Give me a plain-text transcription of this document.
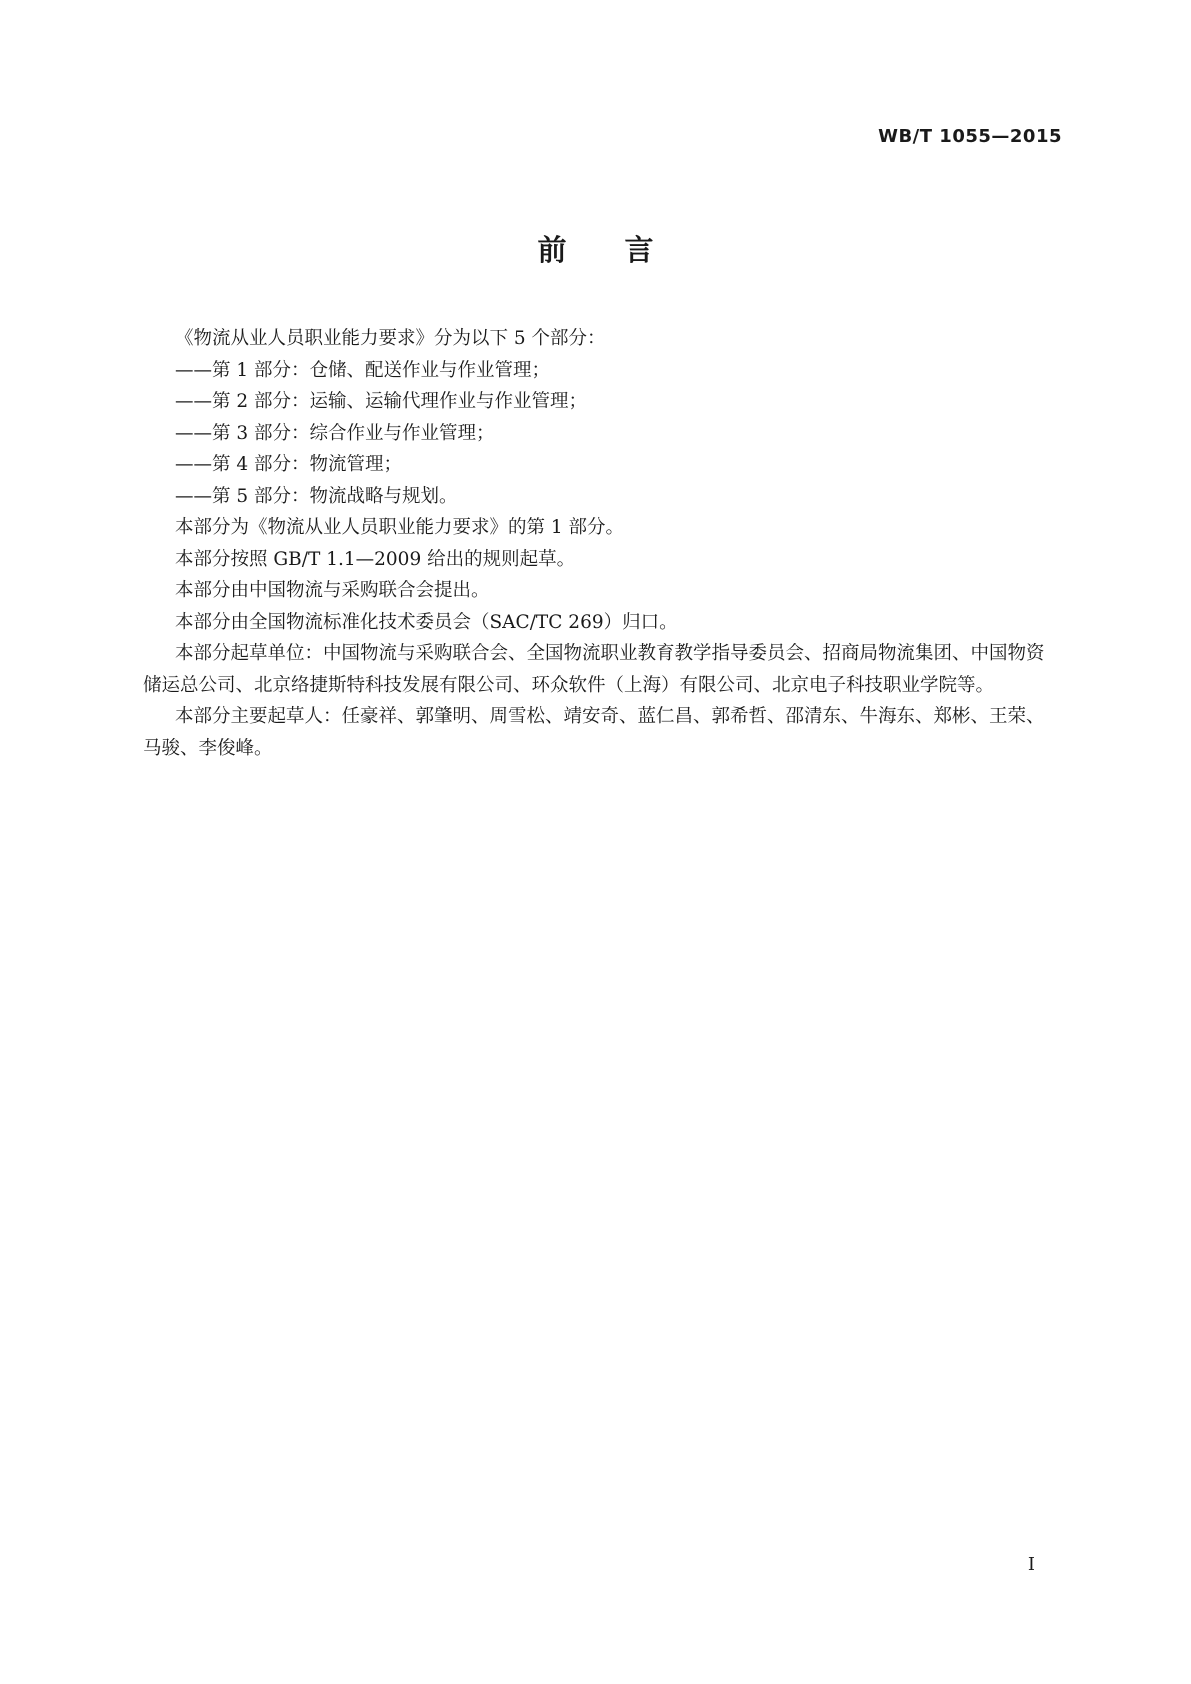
WB/T 1055—2015
前言

《物流从业人员职业能力要求》分为以下 5 个部分：

——第 1 部分：仓储、配送作业与作业管理；

——第 2 部分：运输、运输代理作业与作业管理；

——第 3 部分：综合作业与作业管理；

——第 4 部分：物流管理；

——第 5 部分：物流战略与规划。

本部分为《物流从业人员职业能力要求》的第 1 部分。

本部分按照 GB/T 1.1—2009 给出的规则起草。

本部分由中国物流与采购联合会提出。

本部分由全国物流标准化技术委员会（SAC/TC 269）归口。

本部分起草单位：中国物流与采购联合会、全国物流职业教育教学指导委员会、招商局物流集团、中国物资储运总公司、北京络捷斯特科技发展有限公司、环众软件（上海）有限公司、北京电子科技职业学院等。

本部分主要起草人：任豪祥、郭肇明、周雪松、靖安奇、蓝仁昌、郭希哲、邵清东、牛海东、郑彬、王荣、马骏、李俊峰。

I
